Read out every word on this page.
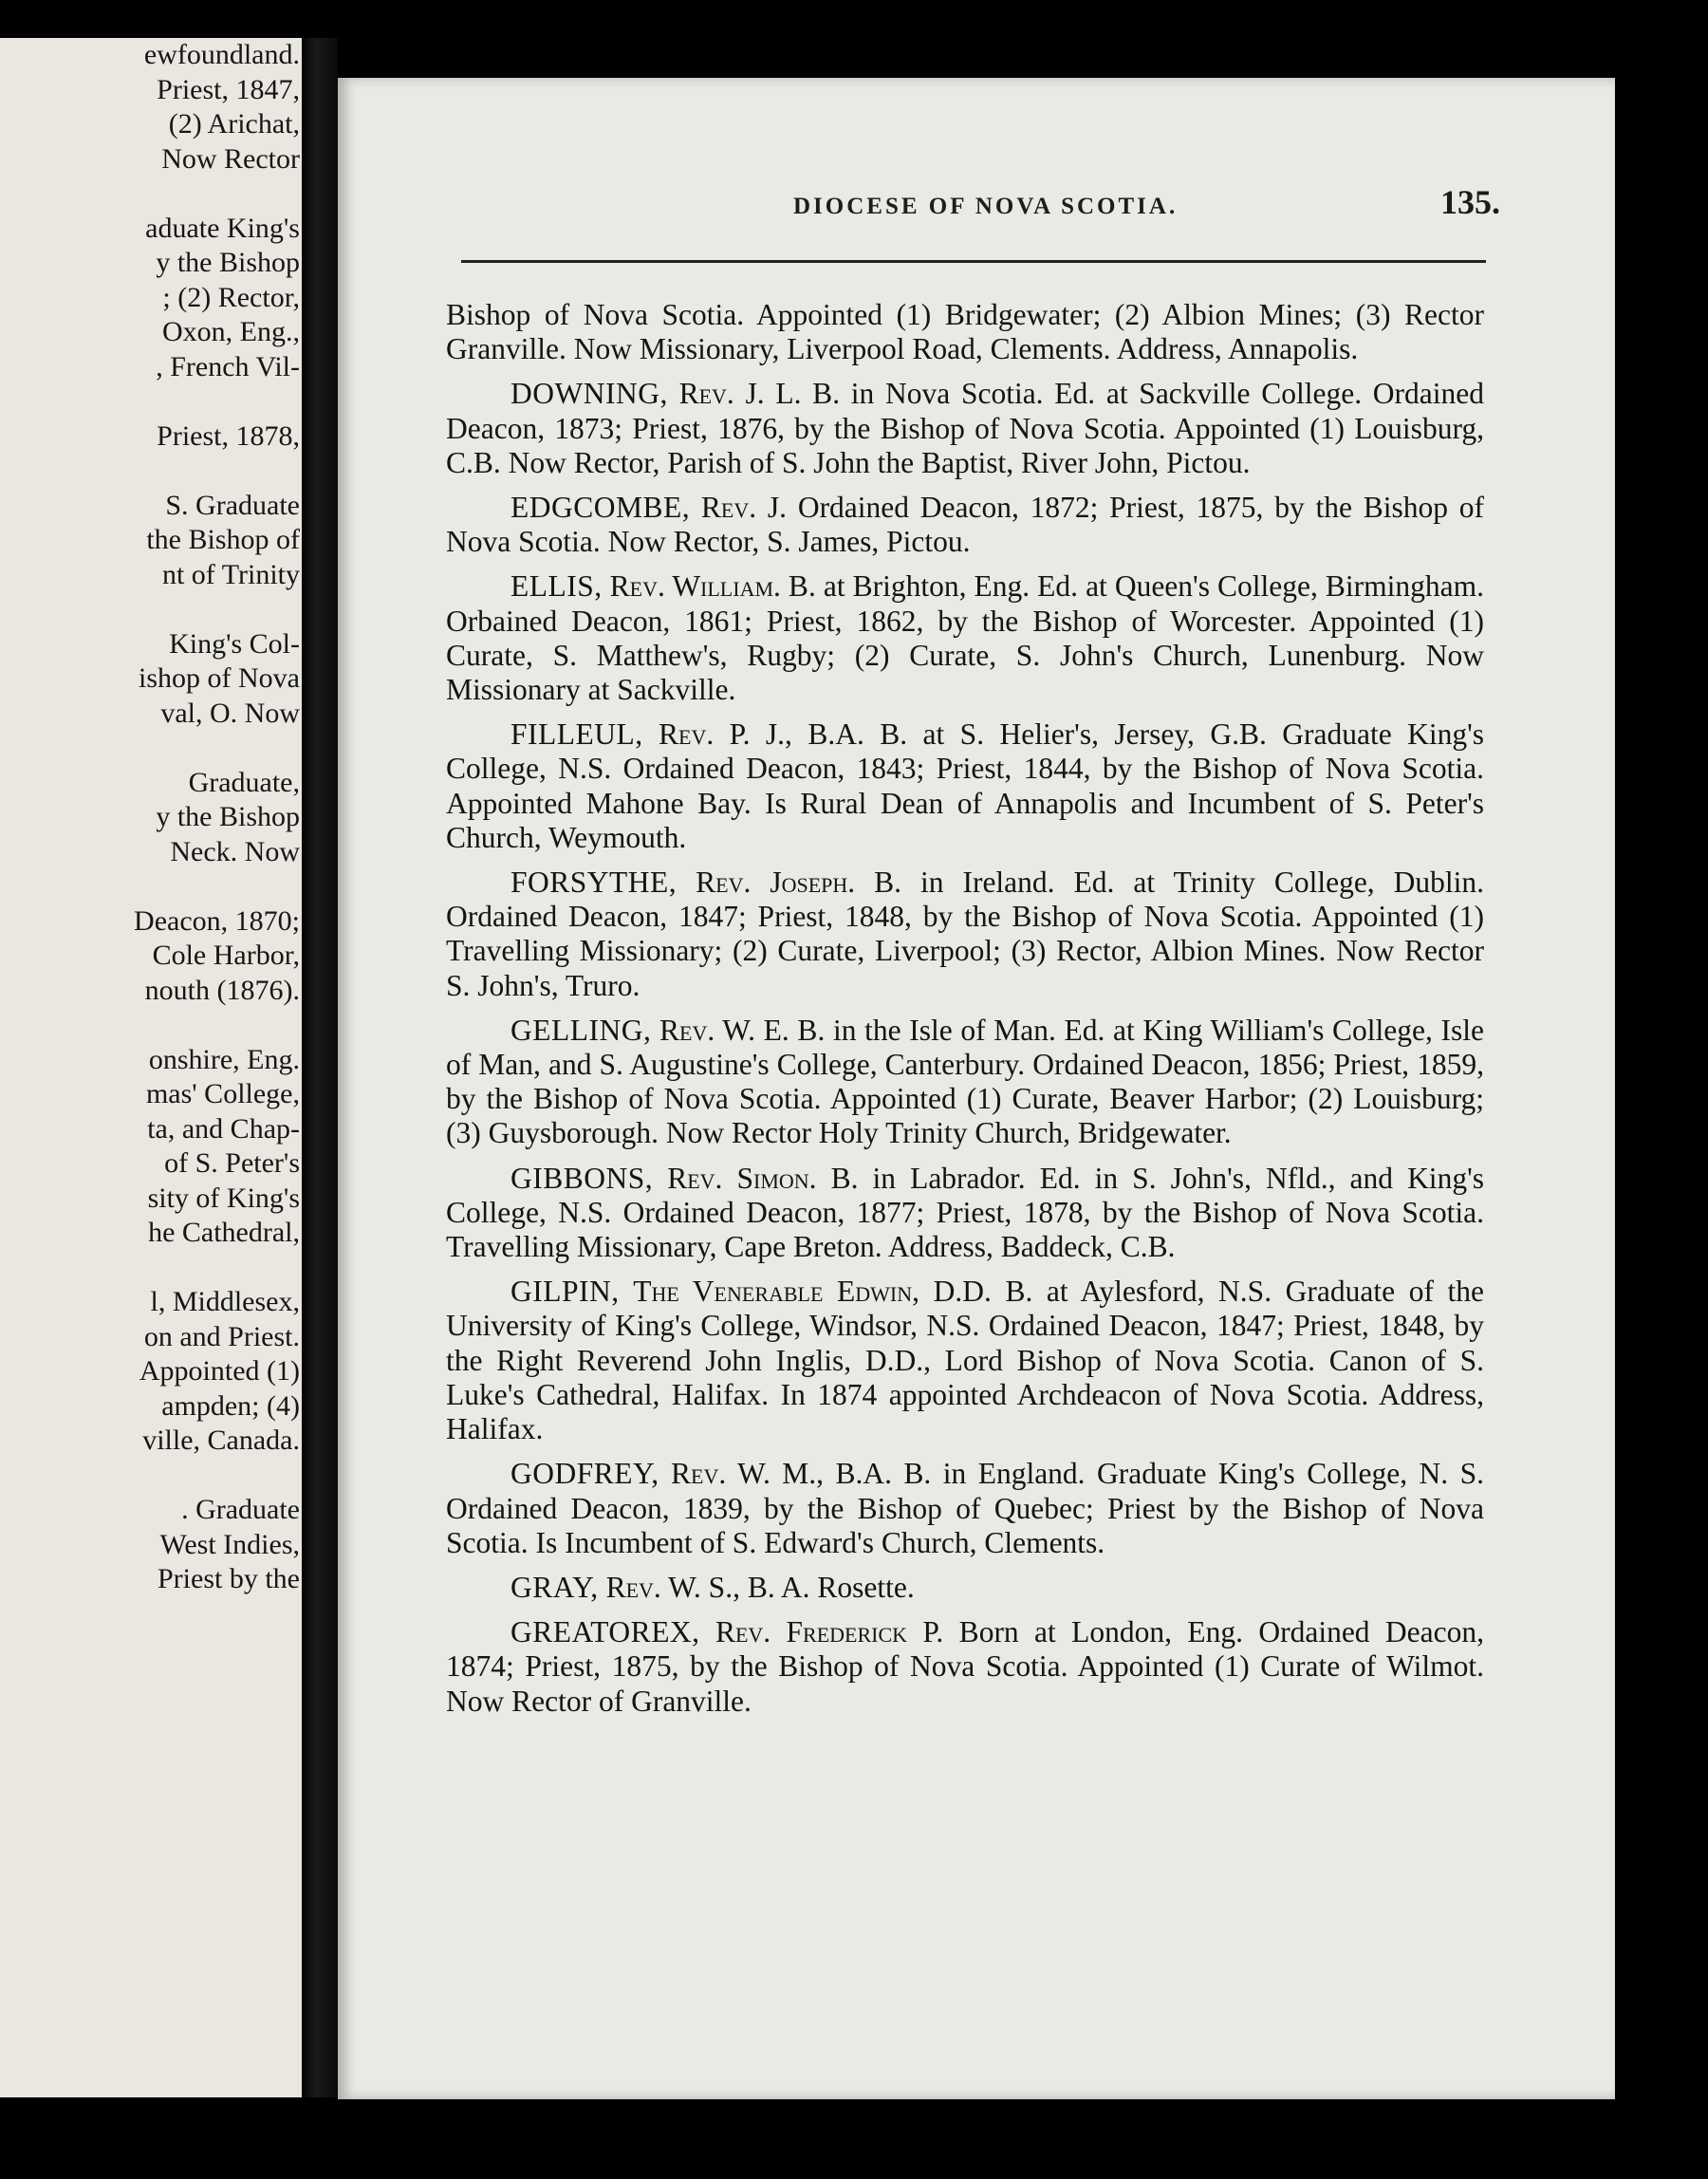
ewfoundland.
Priest, 1847,
(2) Arichat,
Now Rector
aduate King's
y the Bishop
; (2) Rector,
Oxon, Eng.,
, French Vil-
Priest, 1878,
S. Graduate
the Bishop of
nt of Trinity
King's Col-
ishop of Nova
val, O. Now
Graduate,
y the Bishop
Neck. Now
Deacon, 1870;
Cole Harbor,
nouth (1876).
onshire, Eng.
mas' College,
ta, and Chap-
of S. Peter's
sity of King's
he Cathedral,
l, Middlesex,
on and Priest.
Appointed (1)
ampden; (4)
ville, Canada.
. Graduate
West Indies,
Priest by the
DIOCESE OF NOVA SCOTIA.	135.

Bishop of Nova Scotia. Appointed (1) Bridgewater; (2) Albion Mines; (3) Rector Granville. Now Missionary, Liverpool Road, Clements. Address, Annapolis.

DOWNING, Rev. J. L. B. in Nova Scotia. Ed. at Sackville College. Ordained Deacon, 1873; Priest, 1876, by the Bishop of Nova Scotia. Appointed (1) Louisburg, C.B. Now Rector, Parish of S. John the Baptist, River John, Pictou.

EDGCOMBE, Rev. J. Ordained Deacon, 1872; Priest, 1875, by the Bishop of Nova Scotia. Now Rector, S. James, Pictou.

ELLIS, Rev. William. B. at Brighton, Eng. Ed. at Queen's College, Birmingham. Orbained Deacon, 1861; Priest, 1862, by the Bishop of Worcester. Appointed (1) Curate, S. Matthew's, Rugby; (2) Curate, S. John's Church, Lunenburg. Now Missionary at Sackville.

FILLEUL, Rev. P. J., B.A. B. at S. Helier's, Jersey, G.B. Graduate King's College, N.S. Ordained Deacon, 1843; Priest, 1844, by the Bishop of Nova Scotia. Appointed Mahone Bay. Is Rural Dean of Annapolis and Incumbent of S. Peter's Church, Weymouth.

FORSYTHE, Rev. Joseph. B. in Ireland. Ed. at Trinity College, Dublin. Ordained Deacon, 1847; Priest, 1848, by the Bishop of Nova Scotia. Appointed (1) Travelling Missionary; (2) Curate, Liverpool; (3) Rector, Albion Mines. Now Rector S. John's, Truro.

GELLING, Rev. W. E. B. in the Isle of Man. Ed. at King William's College, Isle of Man, and S. Augustine's College, Canterbury. Ordained Deacon, 1856; Priest, 1859, by the Bishop of Nova Scotia. Appointed (1) Curate, Beaver Harbor; (2) Louisburg; (3) Guysborough. Now Rector Holy Trinity Church, Bridgewater.

GIBBONS, Rev. Simon. B. in Labrador. Ed. in S. John's, Nfld., and King's College, N.S. Ordained Deacon, 1877; Priest, 1878, by the Bishop of Nova Scotia. Travelling Missionary, Cape Breton. Address, Baddeck, C.B.

GILPIN, The Venerable Edwin, D.D. B. at Aylesford, N.S. Graduate of the University of King's College, Windsor, N.S. Ordained Deacon, 1847; Priest, 1848, by the Right Reverend John Inglis, D.D., Lord Bishop of Nova Scotia. Canon of S. Luke's Cathedral, Halifax. In 1874 appointed Archdeacon of Nova Scotia. Address, Halifax.

GODFREY, Rev. W. M., B.A. B. in England. Graduate King's College, N. S. Ordained Deacon, 1839, by the Bishop of Quebec; Priest by the Bishop of Nova Scotia. Is Incumbent of S. Edward's Church, Clements.

GRAY, Rev. W. S., B. A. Rosette.

GREATOREX, Rev. Frederick P. Born at London, Eng. Ordained Deacon, 1874; Priest, 1875, by the Bishop of Nova Scotia. Appointed (1) Curate of Wilmot. Now Rector of Granville.
